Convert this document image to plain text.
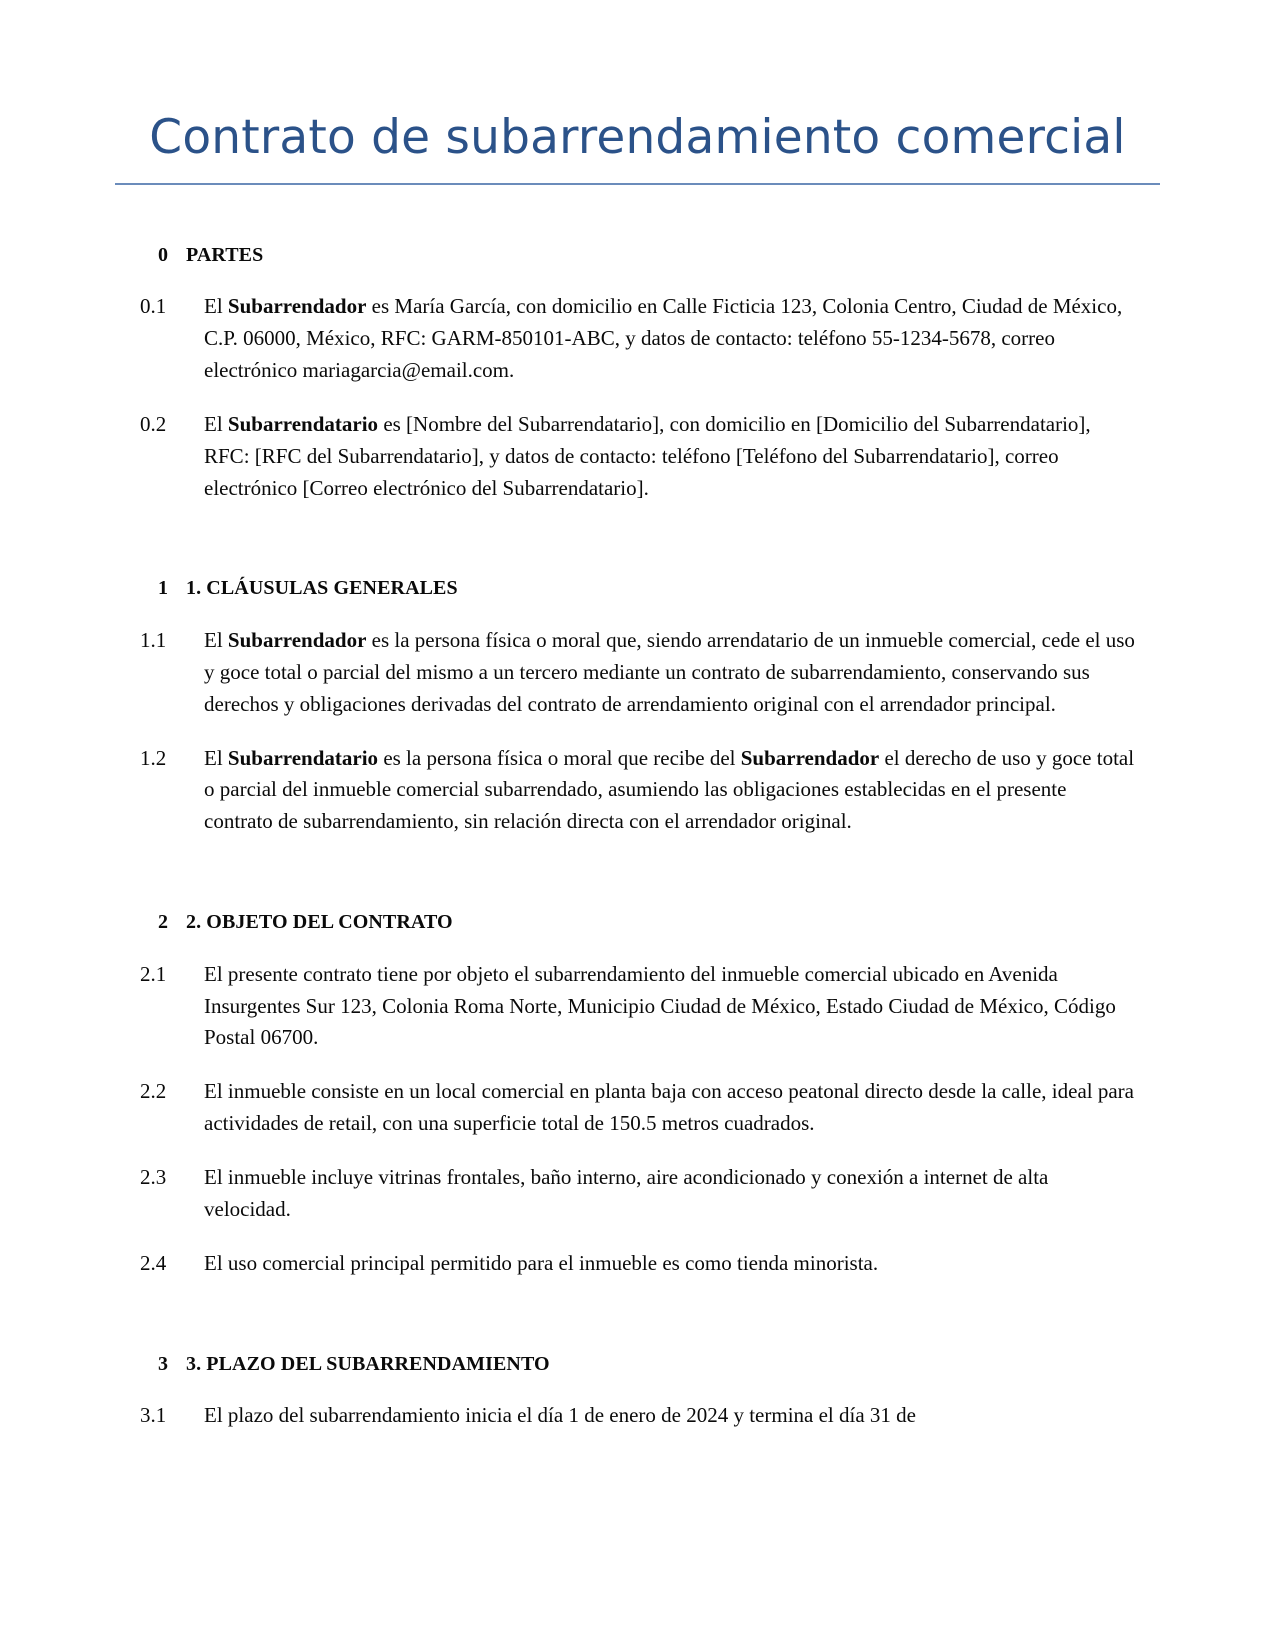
Contrato de subarrendamiento comercial
0 PARTES
0.1	El Subarrendador es María García, con domicilio en Calle Ficticia 123, Colonia Centro, Ciudad de México, C.P. 06000, México, RFC: GARM-850101-ABC, y datos de contacto: teléfono 55-1234-5678, correo electrónico mariagarcia@email.com.
0.2	El Subarrendatario es [Nombre del Subarrendatario], con domicilio en [Domicilio del Subarrendatario], RFC: [RFC del Subarrendatario], y datos de contacto: teléfono [Teléfono del Subarrendatario], correo electrónico [Correo electrónico del Subarrendatario].
1 1. CLÁUSULAS GENERALES
1.1	El Subarrendador es la persona física o moral que, siendo arrendatario de un inmueble comercial, cede el uso y goce total o parcial del mismo a un tercero mediante un contrato de subarrendamiento, conservando sus derechos y obligaciones derivadas del contrato de arrendamiento original con el arrendador principal.
1.2	El Subarrendatario es la persona física o moral que recibe del Subarrendador el derecho de uso y goce total o parcial del inmueble comercial subarrendado, asumiendo las obligaciones establecidas en el presente contrato de subarrendamiento, sin relación directa con el arrendador original.
2 2. OBJETO DEL CONTRATO
2.1	El presente contrato tiene por objeto el subarrendamiento del inmueble comercial ubicado en Avenida Insurgentes Sur 123, Colonia Roma Norte, Municipio Ciudad de México, Estado Ciudad de México, Código Postal 06700.
2.2	El inmueble consiste en un local comercial en planta baja con acceso peatonal directo desde la calle, ideal para actividades de retail, con una superficie total de 150.5 metros cuadrados.
2.3	El inmueble incluye vitrinas frontales, baño interno, aire acondicionado y conexión a internet de alta velocidad.
2.4	El uso comercial principal permitido para el inmueble es como tienda minorista.
3 3. PLAZO DEL SUBARRENDAMIENTO
3.1	El plazo del subarrendamiento inicia el día 1 de enero de 2024 y termina el día 31 de
